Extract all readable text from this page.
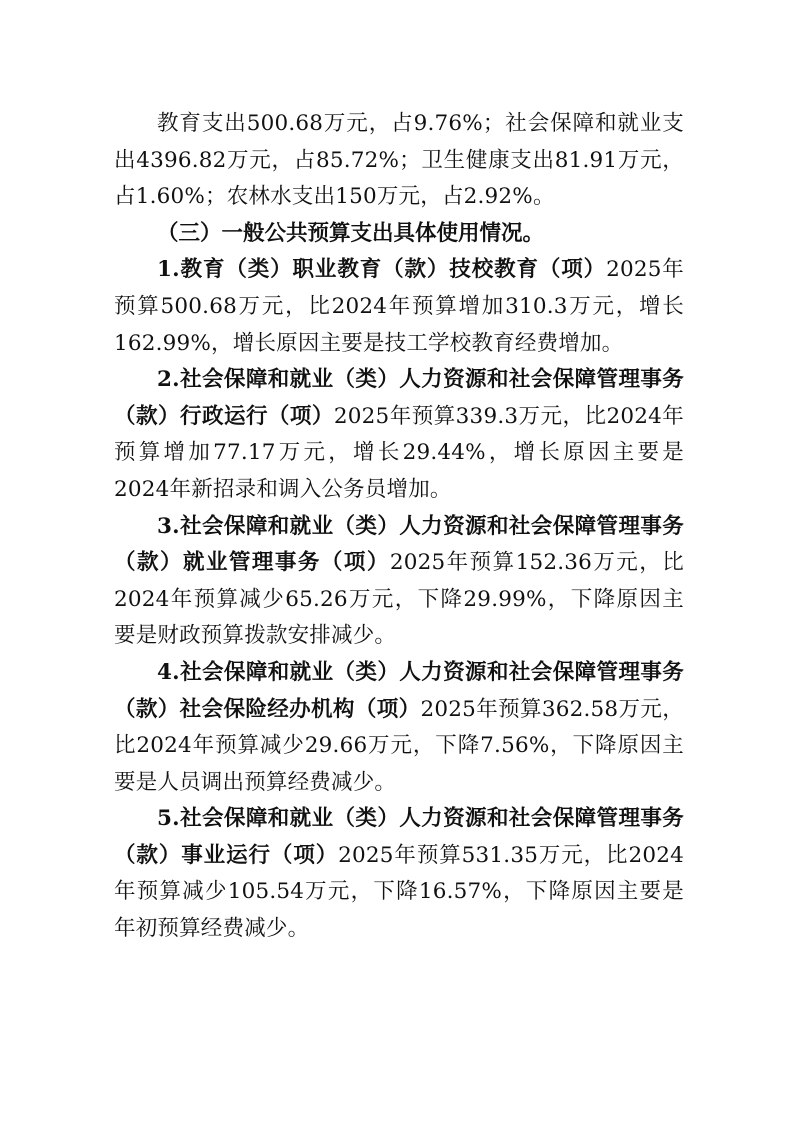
教育支出500.68万元，占9.76%；社会保障和就业支出4396.82万元，占85.72%；卫生健康支出81.91万元，占1.60%；农林水支出150万元，占2.92%。

（三）一般公共预算支出具体使用情况。

1.教育（类）职业教育（款）技校教育（项）2025年预算500.68万元，比2024年预算增加310.3万元，增长162.99%，增长原因主要是技工学校教育经费增加。

2.社会保障和就业（类）人力资源和社会保障管理事务（款）行政运行（项）2025年预算339.3万元，比2024年预算增加77.17万元，增长29.44%，增长原因主要是2024年新招录和调入公务员增加。

3.社会保障和就业（类）人力资源和社会保障管理事务（款）就业管理事务（项）2025年预算152.36万元，比2024年预算减少65.26万元，下降29.99%，下降原因主要是财政预算拨款安排减少。

4.社会保障和就业（类）人力资源和社会保障管理事务（款）社会保险经办机构（项）2025年预算362.58万元，比2024年预算减少29.66万元，下降7.56%，下降原因主要是人员调出预算经费减少。

5.社会保障和就业（类）人力资源和社会保障管理事务（款）事业运行（项）2025年预算531.35万元，比2024年预算减少105.54万元，下降16.57%，下降原因主要是年初预算经费减少。
